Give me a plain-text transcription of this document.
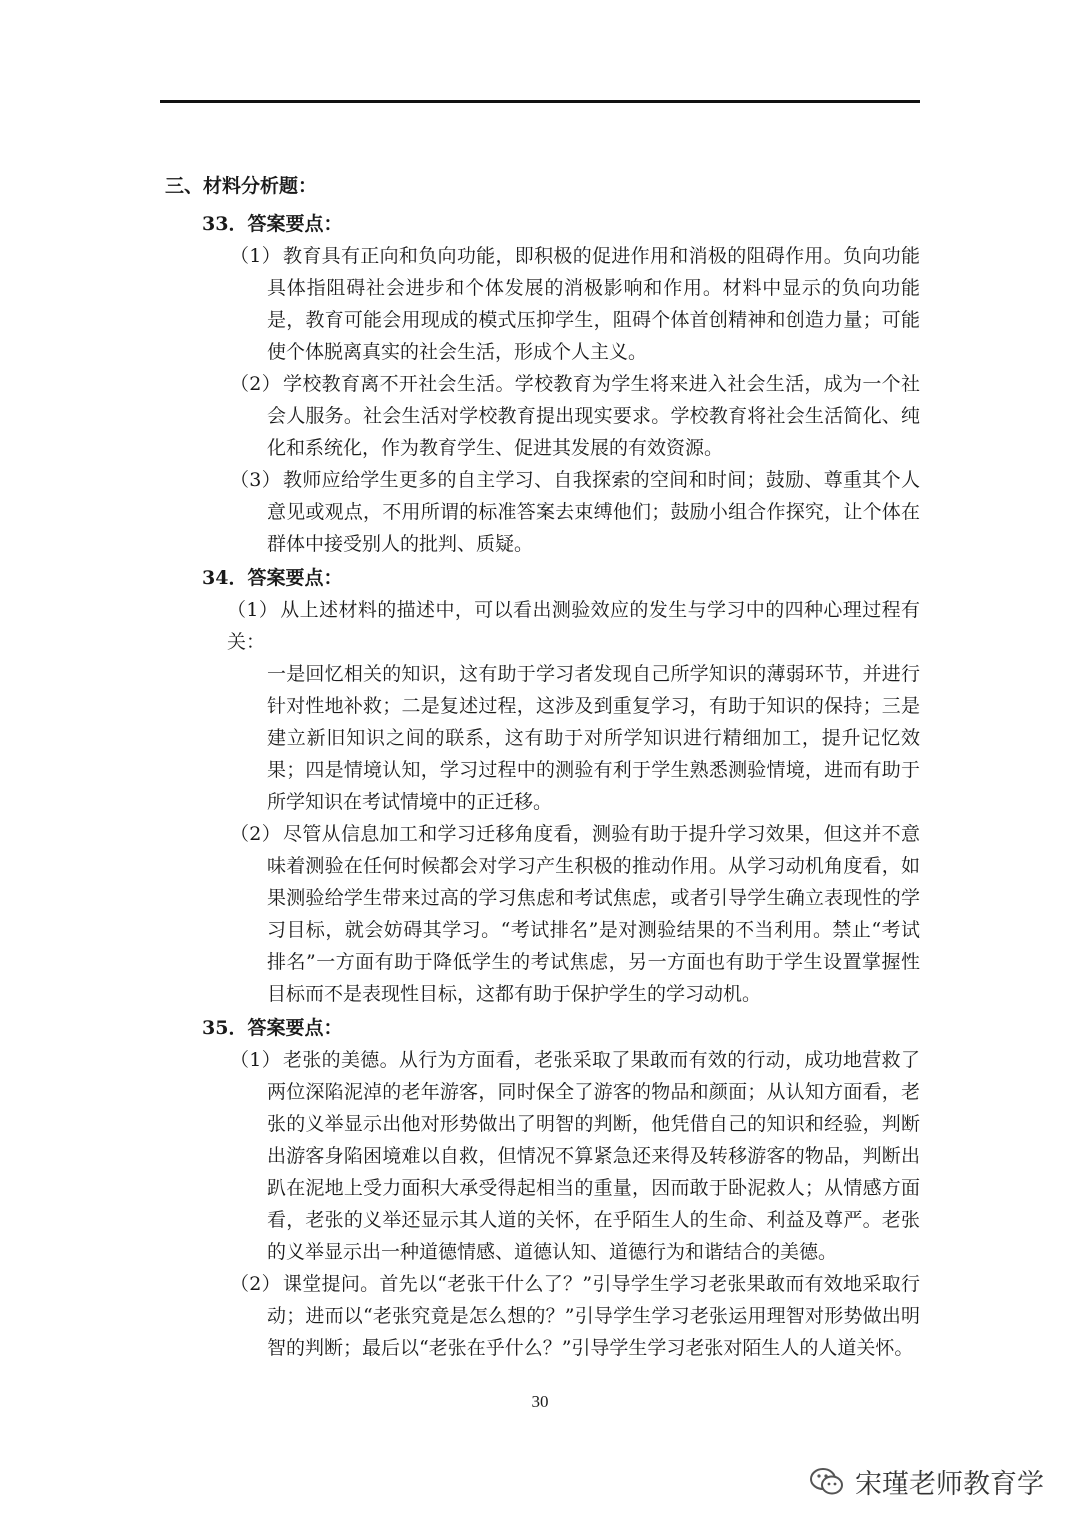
三、材料分析题：
33．答案要点：
（1） 教育具有正向和负向功能，即积极的促进作用和消极的阻碍作用。负向功能具体指阻碍社会进步和个体发展的消极影响和作用。材料中显示的负向功能是，教育可能会用现成的模式压抑学生，阻碍个体首创精神和创造力量；可能使个体脱离真实的社会生活，形成个人主义。
（2） 学校教育离不开社会生活。学校教育为学生将来进入社会生活，成为一个社会人服务。社会生活对学校教育提出现实要求。学校教育将社会生活简化、纯化和系统化，作为教育学生、促进其发展的有效资源。
（3） 教师应给学生更多的自主学习、自我探索的空间和时间；鼓励、尊重其个人意见或观点，不用所谓的标准答案去束缚他们；鼓励小组合作探究，让个体在群体中接受别人的批判、质疑。
34．答案要点：
（1） 从上述材料的描述中，可以看出测验效应的发生与学习中的四种心理过程有关：
一是回忆相关的知识，这有助于学习者发现自己所学知识的薄弱环节，并进行针对性地补救；二是复述过程，这涉及到重复学习，有助于知识的保持；三是建立新旧知识之间的联系，这有助于对所学知识进行精细加工，提升记忆效果；四是情境认知，学习过程中的测验有利于学生熟悉测验情境，进而有助于所学知识在考试情境中的正迁移。
（2） 尽管从信息加工和学习迁移角度看，测验有助于提升学习效果，但这并不意味着测验在任何时候都会对学习产生积极的推动作用。从学习动机角度看，如果测验给学生带来过高的学习焦虑和考试焦虑，或者引导学生确立表现性的学习目标，就会妨碍其学习。“考试排名”是对测验结果的不当利用。禁止“考试排名”一方面有助于降低学生的考试焦虑，另一方面也有助于学生设置掌握性目标而不是表现性目标，这都有助于保护学生的学习动机。
35．答案要点：
（1） 老张的美德。从行为方面看，老张采取了果敢而有效的行动，成功地营救了两位深陷泥淖的老年游客，同时保全了游客的物品和颜面；从认知方面看，老张的义举显示出他对形势做出了明智的判断，他凭借自己的知识和经验，判断出游客身陷困境难以自救，但情况不算紧急还来得及转移游客的物品，判断出趴在泥地上受力面积大承受得起相当的重量，因而敢于卧泥救人；从情感方面看，老张的义举还显示其人道的关怀，在乎陌生人的生命、利益及尊严。老张的义举显示出一种道德情感、道德认知、道德行为和谐结合的美德。
（2） 课堂提问。首先以“老张干什么了？”引导学生学习老张果敢而有效地采取行动；进而以“老张究竟是怎么想的？”引导学生学习老张运用理智对形势做出明智的判断；最后以“老张在乎什么？”引导学生学习老张对陌生人的人道关怀。
30
宋瑾老师教育学
